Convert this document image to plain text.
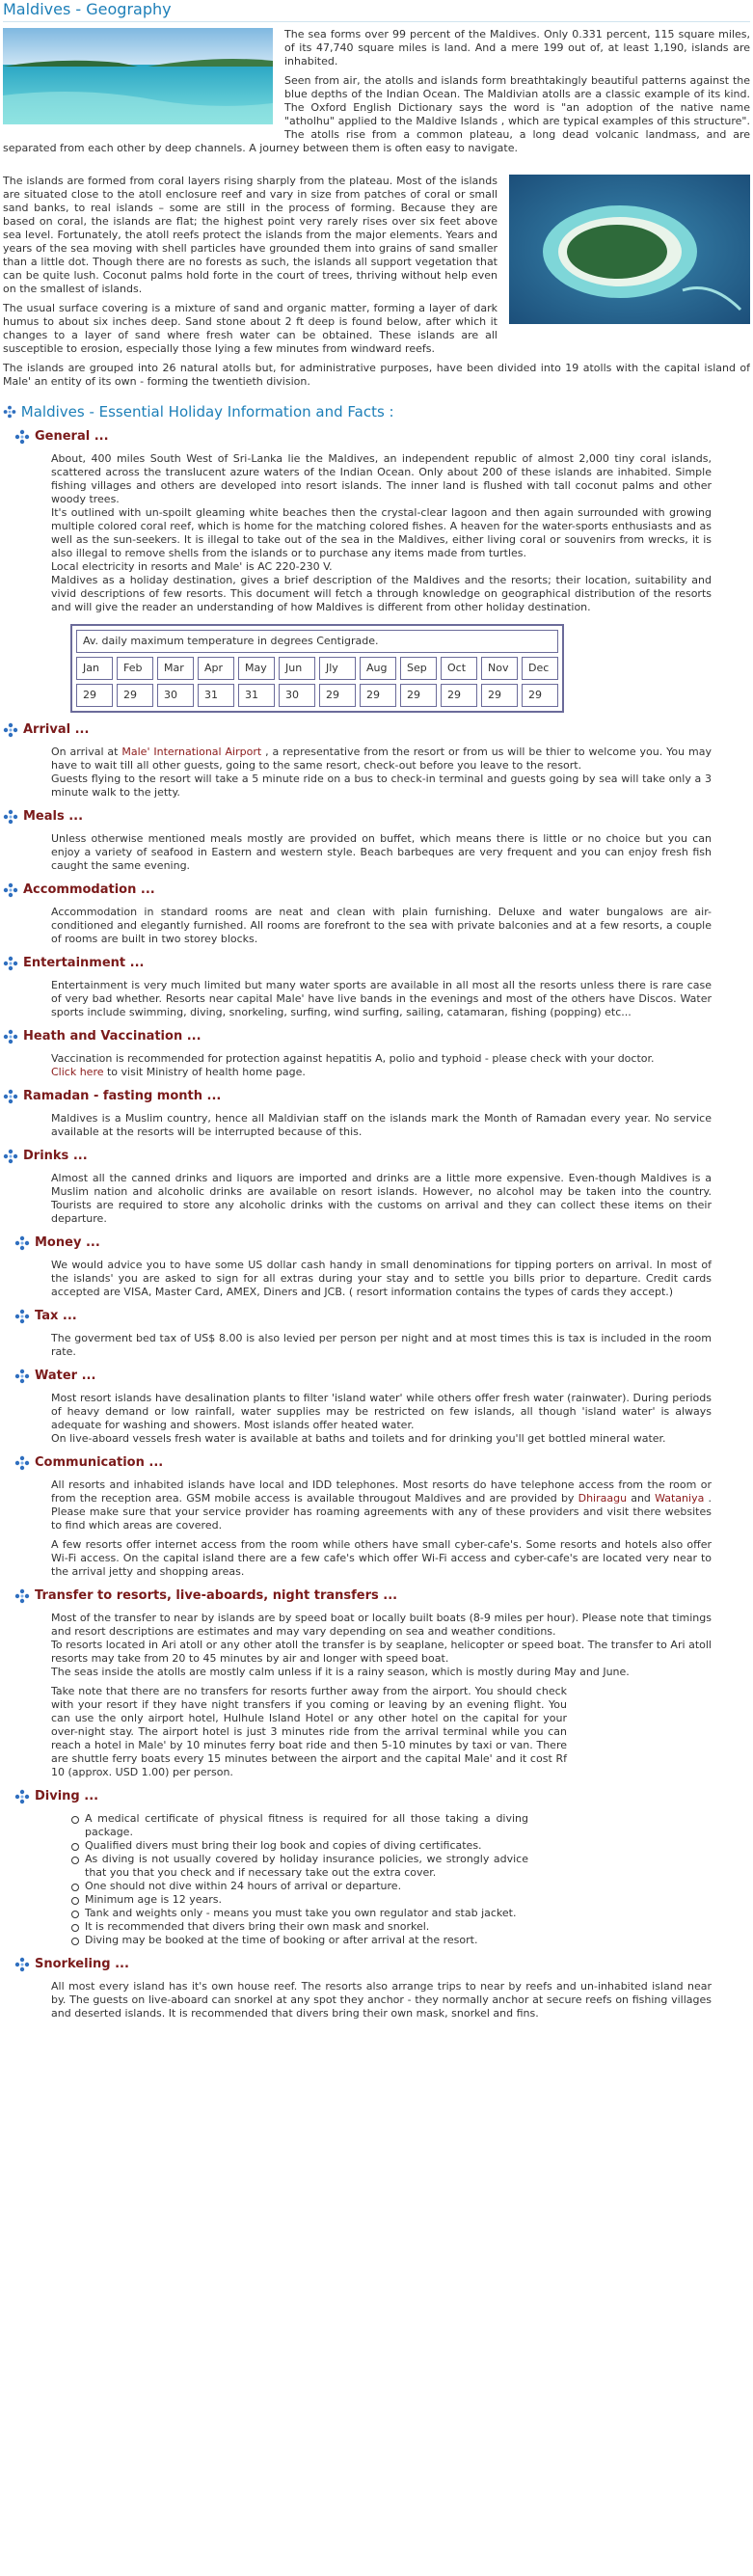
Maldives - Geography

The sea forms over 99 percent of the Maldives. Only 0.331 percent, 115 square miles, of its 47,740 square miles is land. And a mere 199 out of, at least 1,190, islands are inhabited.

Seen from air, the atolls and islands form breathtakingly beautiful patterns against the blue depths of the Indian Ocean. The Maldivian atolls are a classic example of its kind. The Oxford English Dictionary says the word is "an adoption of the native name "atholhu" applied to the Maldive Islands , which are typical examples of this structure". The atolls rise from a common plateau, a long dead volcanic landmass, and are separated from each other by deep channels. A journey between them is often easy to navigate.

The islands are formed from coral layers rising sharply from the plateau. Most of the islands are situated close to the atoll enclosure reef and vary in size from patches of coral or small sand banks, to real islands – some are still in the process of forming. Because they are based on coral, the islands are flat; the highest point very rarely rises over six feet above sea level. Fortunately, the atoll reefs protect the islands from the major elements. Years and years of the sea moving with shell particles have grounded them into grains of sand smaller than a little dot. Though there are no forests as such, the islands all support vegetation that can be quite lush. Coconut palms hold forte in the court of trees, thriving without help even on the smallest of islands.

The usual surface covering is a mixture of sand and organic matter, forming a layer of dark humus to about six inches deep. Sand stone about 2 ft deep is found below, after which it changes to a layer of sand where fresh water can be obtained. These islands are all susceptible to erosion, especially those lying a few minutes from windward reefs.

The islands are grouped into 26 natural atolls but, for administrative purposes, have been divided into 19 atolls with the capital island of Male' an entity of its own - forming the twentieth division.

Maldives - Essential Holiday Information and Facts :
General ...
About, 400 miles South West of Sri-Lanka lie the Maldives, an independent republic of almost 2,000 tiny coral islands, scattered across the translucent azure waters of the Indian Ocean. Only about 200 of these islands are inhabited. Simple fishing villages and others are developed into resort islands. The inner land is flushed with tall coconut palms and other woody trees.
It's outlined with un-spoilt gleaming white beaches then the crystal-clear lagoon and then again surrounded with growing multiple colored coral reef, which is home for the matching colored fishes. A heaven for the water-sports enthusiasts and as well as the sun-seekers. It is illegal to take out of the sea in the Maldives, either living coral or souvenirs from wrecks, it is also illegal to remove shells from the islands or to purchase any items made from turtles.
Local electricity in resorts and Male' is AC 220-230 V.
Maldives as a holiday destination, gives a brief description of the Maldives and the resorts; their location, suitability and vivid descriptions of few resorts. This document will fetch a through knowledge on geographical distribution of the resorts and will give the reader an understanding of how Maldives is different from other holiday destination.
Av. daily maximum temperature in degrees Centigrade.											
Jan	Feb	Mar	Apr	May	Jun	Jly	Aug	Sep	Oct	Nov	Dec
29	29	30	31	31	30	29	29	29	29	29	29
Arrival ...
On arrival at Male' International Airport , a representative from the resort or from us will be thier to welcome you. You may have to wait till all other guests, going to the same resort, check-out before you leave to the resort.
Guests flying to the resort will take a 5 minute ride on a bus to check-in terminal and guests going by sea will take only a 3 minute walk to the jetty.
Meals ...
Unless otherwise mentioned meals mostly are provided on buffet, which means there is little or no choice but you can enjoy a variety of seafood in Eastern and western style. Beach barbeques are very frequent and you can enjoy fresh fish caught the same evening.
Accommodation ...
Accommodation in standard rooms are neat and clean with plain furnishing. Deluxe and water bungalows are air-conditioned and elegantly furnished. All rooms are forefront to the sea with private balconies and at a few resorts, a couple of rooms are built in two storey blocks.
Entertainment ...
Entertainment is very much limited but many water sports are available in all most all the resorts unless there is rare case of very bad whether. Resorts near capital Male' have live bands in the evenings and most of the others have Discos. Water sports include swimming, diving, snorkeling, surfing, wind surfing, sailing, catamaran, fishing (popping) etc...
Heath and Vaccination ...
Vaccination is recommended for protection against hepatitis A, polio and typhoid - please check with your doctor.
Click here to visit Ministry of health home page.
Ramadan - fasting month ...
Maldives is a Muslim country, hence all Maldivian staff on the islands mark the Month of Ramadan every year. No service available at the resorts will be interrupted because of this.
Drinks ...
Almost all the canned drinks and liquors are imported and drinks are a little more expensive. Even-though Maldives is a Muslim nation and alcoholic drinks are available on resort islands. However, no alcohol may be taken into the country. Tourists are required to store any alcoholic drinks with the customs on arrival and they can collect these items on their departure.
Money ...
We would advice you to have some US dollar cash handy in small denominations for tipping porters on arrival. In most of the islands' you are asked to sign for all extras during your stay and to settle you bills prior to departure. Credit cards accepted are VISA, Master Card, AMEX, Diners and JCB. ( resort information contains the types of cards they accept.)
Tax ...
The goverment bed tax of US$ 8.00 is also levied per person per night and at most times this is tax is included in the room rate.
Water ...
Most resort islands have desalination plants to filter 'island water' while others offer fresh water (rainwater). During periods of heavy demand or low rainfall, water supplies may be restricted on few islands, all though 'island water' is always adequate for washing and showers. Most islands offer heated water.
On live-aboard vessels fresh water is available at baths and toilets and for drinking you'll get bottled mineral water.
Communication ...

All resorts and inhabited islands have local and IDD telephones. Most resorts do have telephone access from the room or from the reception area. GSM mobile access is available througout Maldives and are provided by Dhiraagu and Wataniya . Please make sure that your service provider has roaming agreements with any of these providers and visit there websites to find which areas are covered.

A few resorts offer internet access from the room while others have small cyber-cafe's. Some resorts and hotels also offer Wi-Fi access. On the capital island there are a few cafe's which offer Wi-Fi access and cyber-cafe's are located very near to the arrival jetty and shopping areas.

Transfer to resorts, live-aboards, night transfers ...
Most of the transfer to near by islands are by speed boat or locally built boats (8-9 miles per hour). Please note that timings and resort descriptions are estimates and may vary depending on sea and weather conditions.
To resorts located in Ari atoll or any other atoll the transfer is by seaplane, helicopter or speed boat. The transfer to Ari atoll resorts may take from 20 to 45 minutes by air and longer with speed boat.

The seas inside the atolls are mostly calm unless if it is a rainy season, which is mostly during May and June.

Take note that there are no transfers for resorts further away from the airport. You should check with your resort if they have night transfers if you coming or leaving by an evening flight. You can use the only airport hotel, Hulhule Island Hotel or any other hotel on the capital for your over-night stay. The airport hotel is just 3 minutes ride from the arrival terminal while you can reach a hotel in Male' by 10 minutes ferry boat ride and then 5-10 minutes by taxi or van. There are shuttle ferry boats every 15 minutes between the airport and the capital Male' and it cost Rf 10 (approx. USD 1.00) per person.

Diving ...
A medical certificate of physical fitness is required for all those taking a diving package.
Qualified divers must bring their log book and copies of diving certificates.
As diving is not usually covered by holiday insurance policies, we strongly advice that you that you check and if necessary take out the extra cover.
One should not dive within 24 hours of arrival or departure.
Minimum age is 12 years.
Tank and weights only - means you must take you own regulator and stab jacket.
It is recommended that divers bring their own mask and snorkel.
Diving may be booked at the time of booking or after arrival at the resort.
Snorkeling ...
All most every island has it's own house reef. The resorts also arrange trips to near by reefs and un-inhabited island near by. The guests on live-aboard can snorkel at any spot they anchor - they normally anchor at secure reefs on fishing villages and deserted islands. It is recommended that divers bring their own mask, snorkel and fins.
